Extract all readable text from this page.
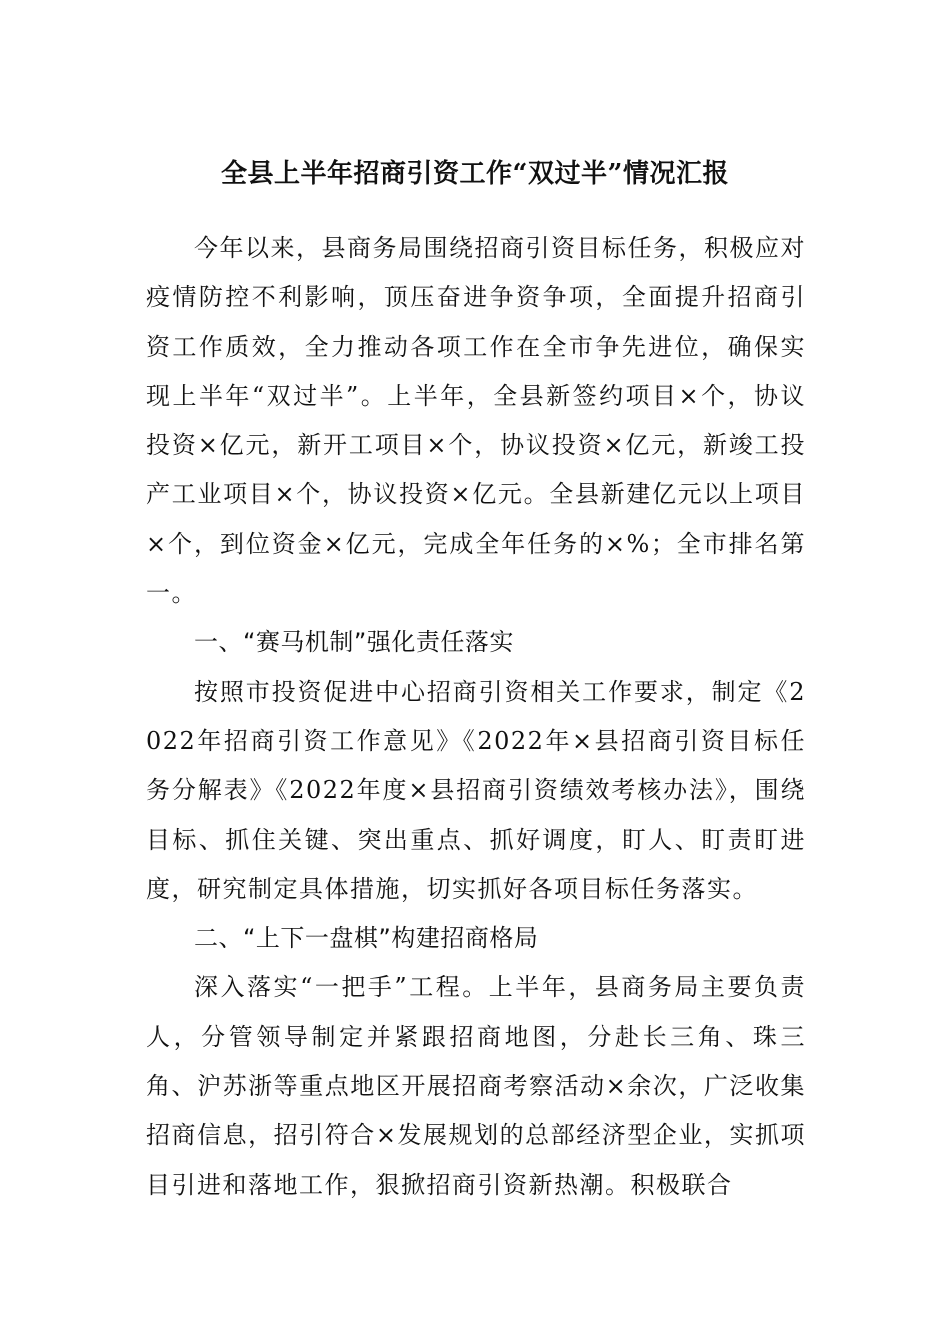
全县上半年招商引资工作“双过半”情况汇报

今年以来，县商务局围绕招商引资目标任务，积极应对疫情防控不利影响，顶压奋进争资争项，全面提升招商引资工作质效，全力推动各项工作在全市争先进位，确保实现上半年“双过半”。上半年，全县新签约项目×个，协议投资×亿元，新开工项目×个，协议投资×亿元，新竣工投产工业项目×个，协议投资×亿元。全县新建亿元以上项目×个，到位资金×亿元，完成全年任务的×%；全市排名第一。

一、“赛马机制”强化责任落实

按照市投资促进中心招商引资相关工作要求，制定《2022年招商引资工作意见》《2022年×县招商引资目标任务分解表》《2022年度×县招商引资绩效考核办法》，围绕目标、抓住关键、突出重点、抓好调度，盯人、盯责盯进度，研究制定具体措施，切实抓好各项目标任务落实。

二、“上下一盘棋”构建招商格局

深入落实“一把手”工程。上半年，县商务局主要负责人，分管领导制定并紧跟招商地图，分赴长三角、珠三角、沪苏浙等重点地区开展招商考察活动×余次，广泛收集招商信息，招引符合×发展规划的总部经济型企业，实抓项目引进和落地工作，狠掀招商引资新热潮。积极联合
